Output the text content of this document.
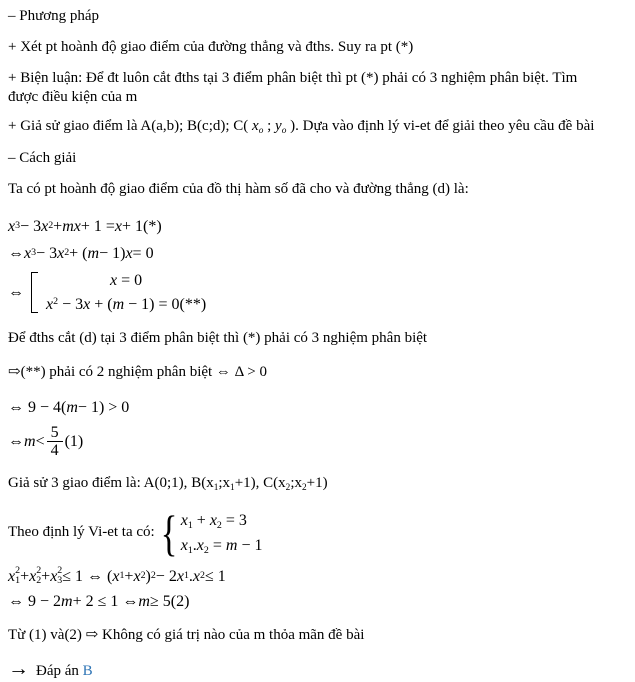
– Phương pháp
+ Xét pt hoành độ giao điểm của đường thẳng và đths. Suy ra pt (*)
+ Biện luận: Để đt luôn cắt đths tại 3 điểm phân biệt thì pt (*) phải có 3 nghiệm phân biệt. Tìm
được điều kiện của m
+ Giả sử giao điểm là A(a,b); B(c;d); C( $x_o$ ; $y_o$ ). Dựa vào định lý vi-et để giải theo yêu cầu đề bài
– Cách giải
Ta có pt hoành độ giao điểm của đồ thị hàm số đã cho và đường thẳng (d) là:
x 3 − 3 x 2 + mx + 1 = x + 1(*)
⇔ x 3 − 3 x 2 + ( m − 1) x = 0
⇔
x = 0
$x^2 - 3x + (m - 1) = 0(**)$
Để đths cắt (d) tại 3 điểm phân biệt thì (*) phải có 3 nghiệm phân biệt
⇨(**) phải có 2 nghiệm phân biệt ⇔ Δ > 0
⇔ 9 − 4( m − 1) > 0
⇔ $m < \frac{5}{4} (1)$
Giả sử 3 giao điểm là: A(0;1), $B(x_1;x_1+1)$, $C(x_2;x_2+1)$
Theo định lý Vi-et ta có: { $x_1 + x_2 = 3$
$x_1.x_2 = m - 1$
x 2
1 + x 2
2 + x 2
3 ≤ 1 ⇔ ( x 1 + x 2 ) 2 − 2 x 1 . x 2 ≤ 1
⇔ 9 − 2 m + 2 ≤ 1 ⇔ m ≥ 5(2)
Từ (1) và(2) ⇨ Không có giá trị nào của m thỏa mãn đề bài
→ Đáp án B
